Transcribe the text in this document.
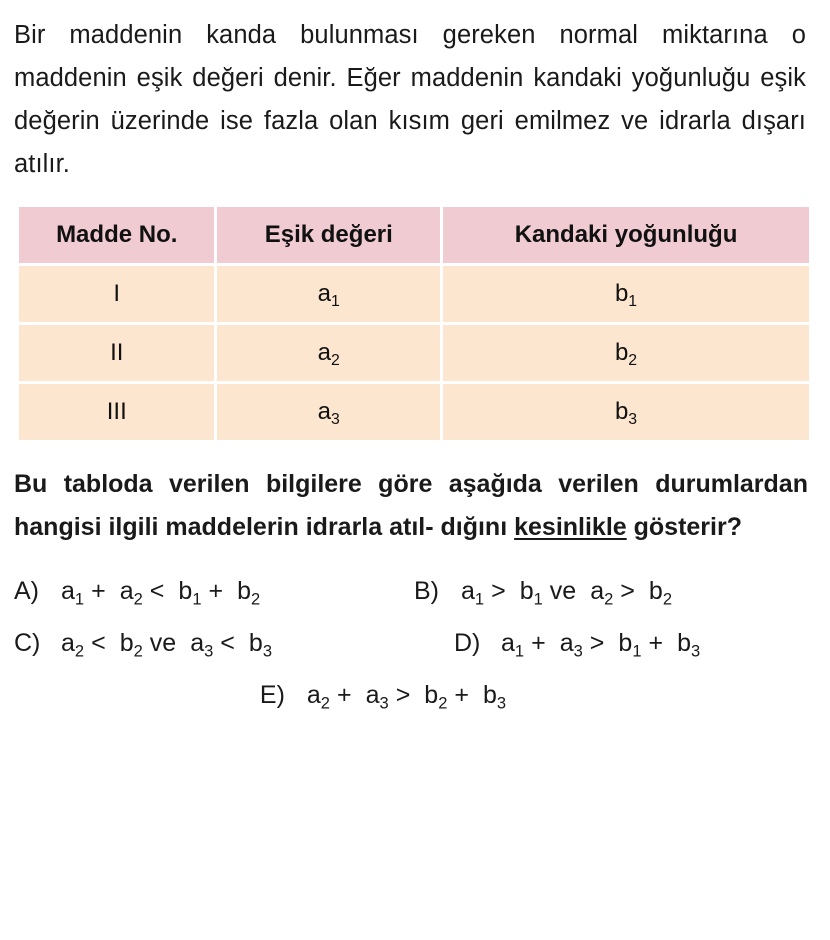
Bir maddenin kanda bulunması gereken normal miktarına o maddenin eşik değeri denir. Eğer maddenin kandaki yoğunluğu eşik değerin üzerinde ise fazla olan kısım geri emilmez ve idrarla dışarı atılır.

Madde No.	Eşik değeri	Kandaki yoğunluğu
I	$a_1$	$b_1$
II	$a_2$	$b_2$
III	$a_3$	$b_3$
Bu tabloda verilen bilgilere göre aşağıda verilen durumlardan hangisi ilgili maddelerin idrarla atıl- dığını kesinlikle gösterir?
A) $a_1 + a_2 < b_1 + b_2$	B) $a_1 > b_1$ ve $a_2 > b_2$
C) $a_2 < b_2$ ve $a_3 < b_3$	D) $a_1 + a_3 > b_1 + b_3$
E) $a_2 + a_3 > b_2 + b_3$
